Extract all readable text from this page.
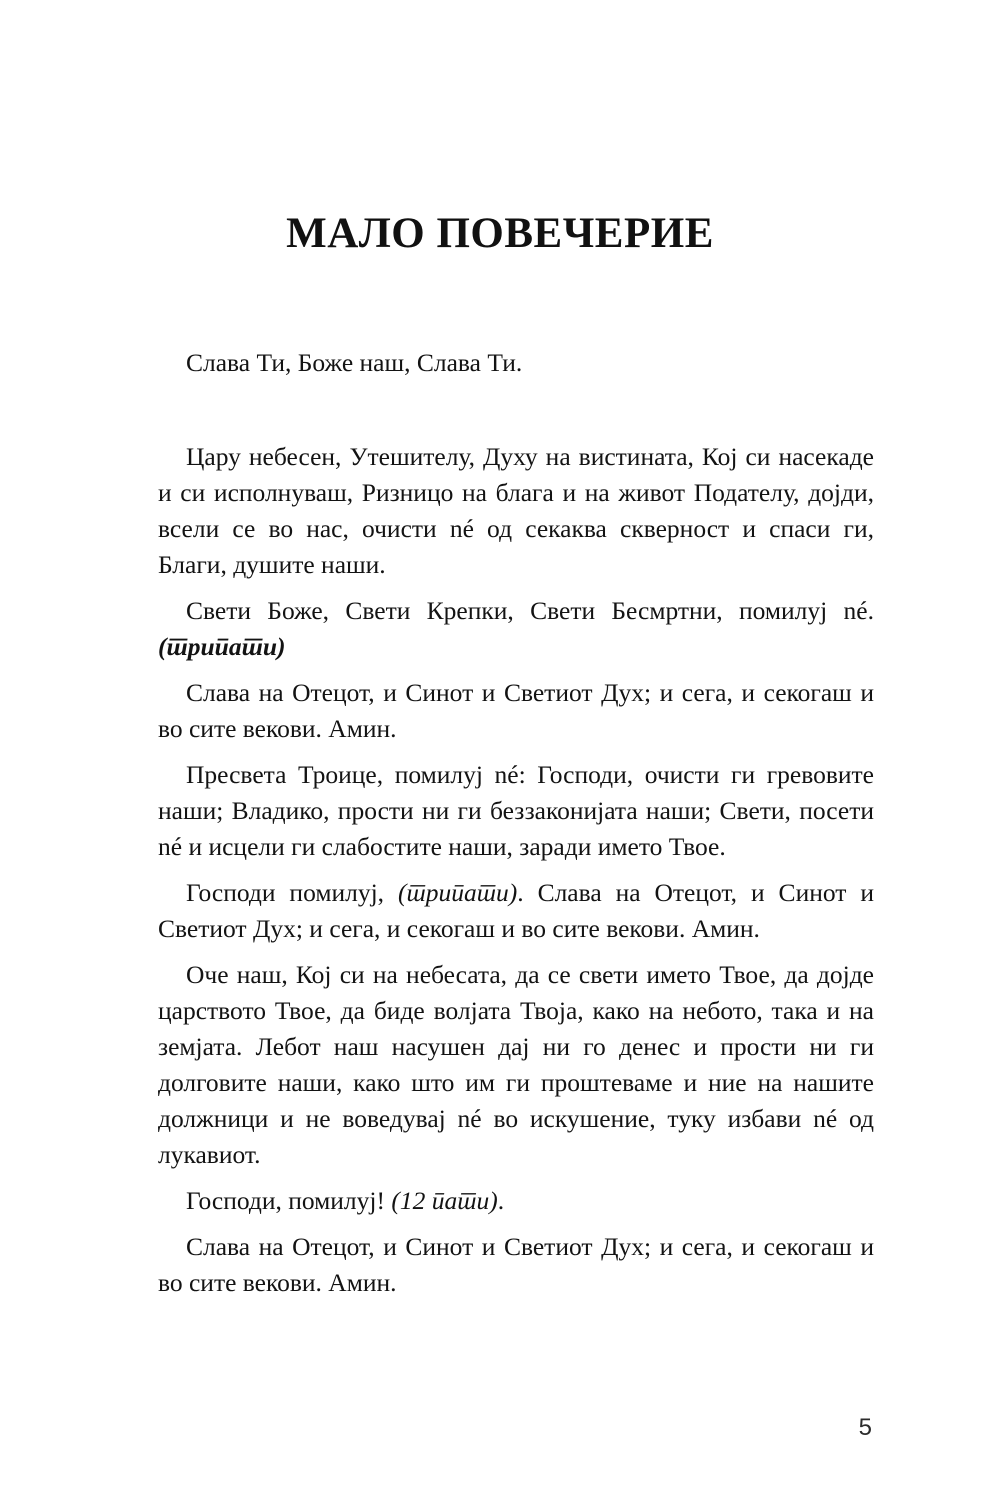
МАЛО ПОВЕЧЕРИЕ

Слава Ти, Боже наш, Слава Ти.

Цару небесен, Утешителу, Духу на вистината, Кој си насекаде и си исполнуваш, Ризницо на блага и на живот Подателу, дојди, всели се во нас, очисти né од секаква скверност и спаси ги, Благи, душите наши.

Свети Боже, Свети Крепки, Свети Бесмртни, помилуј né.(трипати)

Слава на Отецот, и Синот и Светиот Дух; и сега, и секогаш и во сите векови. Амин.

Пресвета Троице, помилуј né: Господи, очисти ги гревовите наши; Владико, прости ни ги беззаконијата наши; Свети, посети né и исцели ги слабостите наши, заради името Твое.

Господи помилуј, (трипати). Слава на Отецот, и Синот и Светиот Дух; и сега, и секогаш и во сите векови. Амин.

Оче наш, Кој си на небесата, да се свети името Твое, да дојде царството Твое, да биде волјата Твоја, како на небото, така и на земјата. Лебот наш насушен дај ни го денес и прости ни ги долговите наши, како што им ги проштеваме и ние на нашите должници и не воведувај né во искушение, туку избави né од лукавиот.

Господи, помилуј! (12 пати).

Слава на Отецот, и Синот и Светиот Дух; и сега, и секогаш и во сите векови. Амин.

5
